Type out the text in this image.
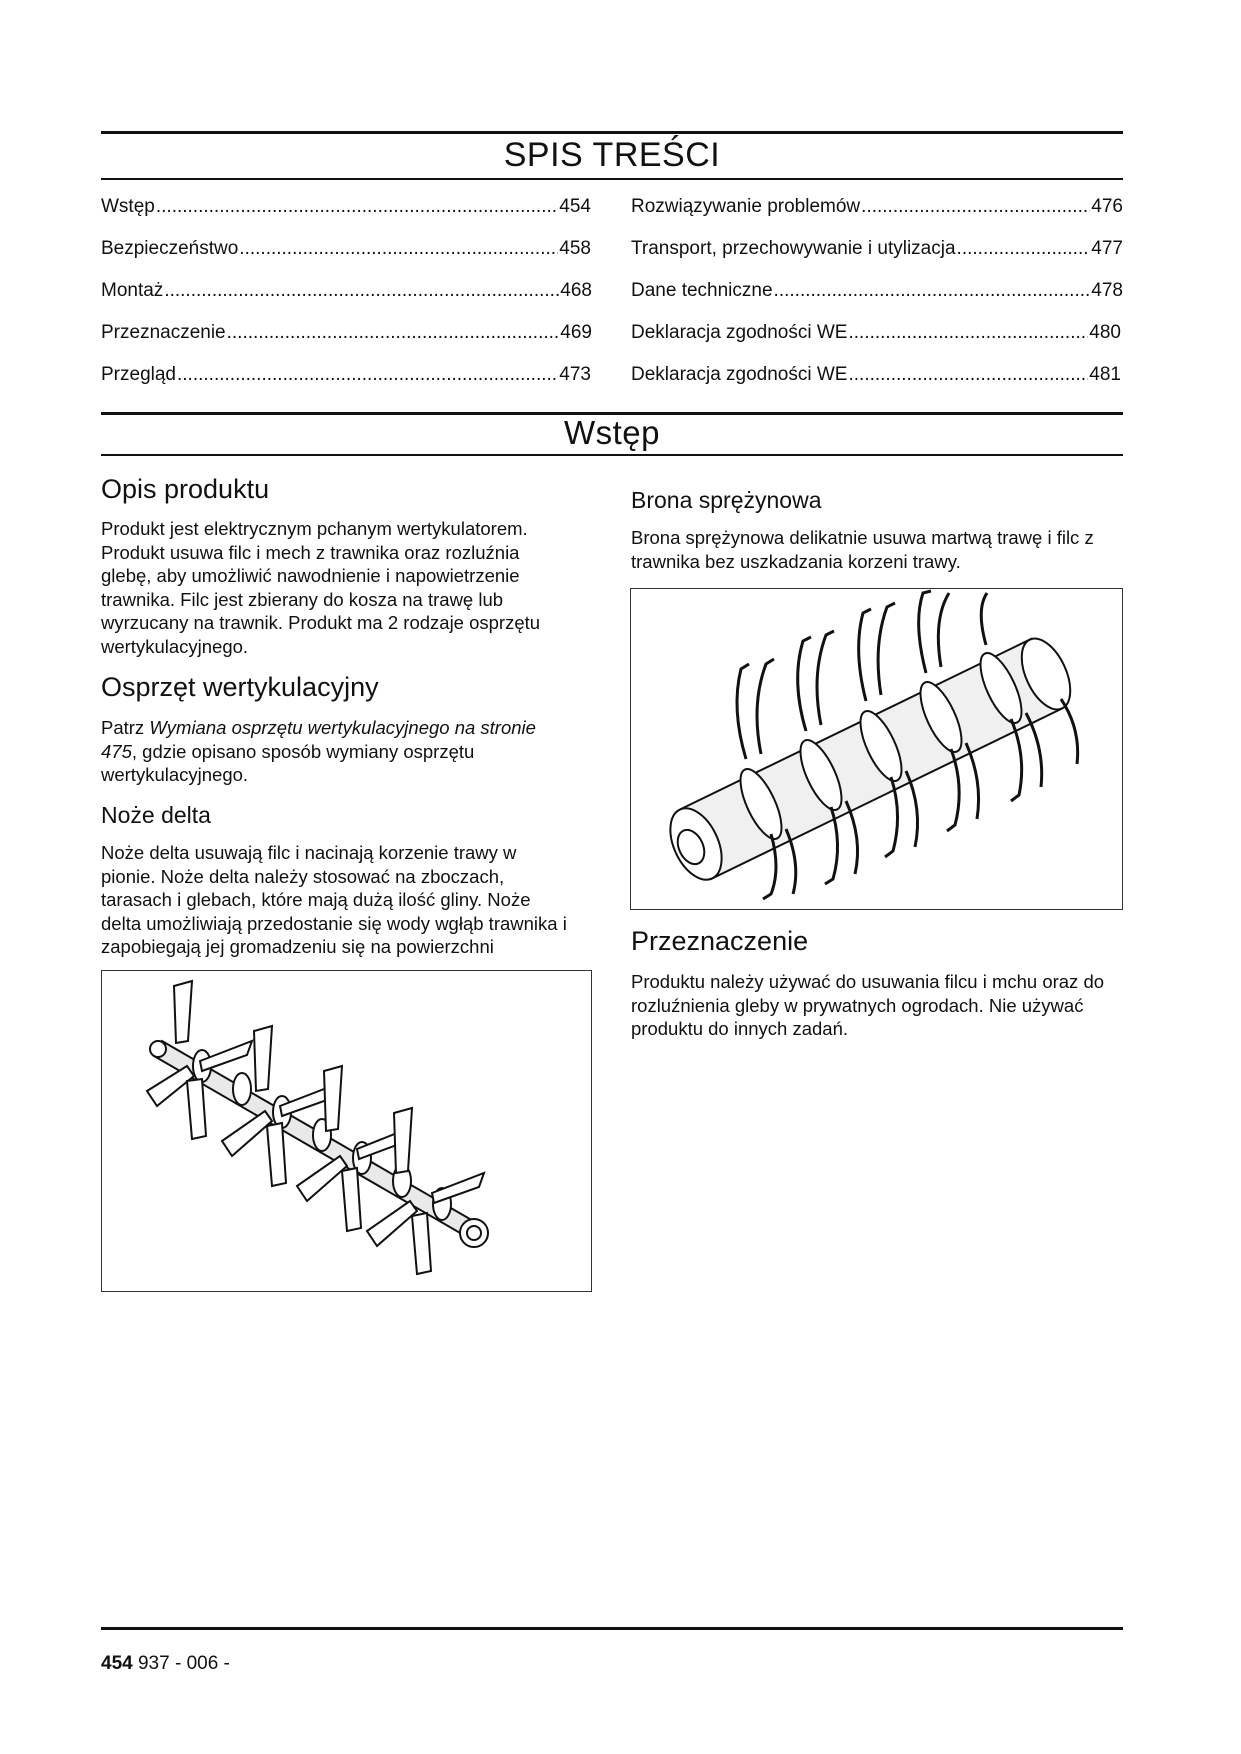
SPIS TREŚCI
Wstęp .....	454
Bezpieczeństwo .....	458
Montaż .....	468
Przeznaczenie .....	469
Przegląd .....	473
Rozwiązywanie problemów .....	476
Transport, przechowywanie i utylizacja .....	477
Dane techniczne .....	478
Deklaracja zgodności WE .....	480
Deklaracja zgodności WE .....	481
Wstęp
Opis produktu
Produkt jest elektrycznym pchanym wertykulatorem. Produkt usuwa filc i mech z trawnika oraz rozluźnia glebę, aby umożliwić nawodnienie i napowietrzenie trawnika. Filc jest zbierany do kosza na trawę lub wyrzucany na trawnik. Produkt ma 2 rodzaje osprzętu wertykulacyjnego.
Osprzęt wertykulacyjny
Patrz Wymiana osprzętu wertykulacyjnego na stronie 475, gdzie opisano sposób wymiany osprzętu wertykulacyjnego.
Noże delta
Noże delta usuwają filc i nacinają korzenie trawy w pionie. Noże delta należy stosować na zboczach, tarasach i glebach, które mają dużą ilość gliny. Noże delta umożliwiają przedostanie się wody wgłąb trawnika i zapobiegają jej gromadzeniu się na powierzchni
Brona sprężynowa
Brona sprężynowa delikatnie usuwa martwą trawę i filc z trawnika bez uszkadzania korzeni trawy.
Przeznaczenie
Produktu należy używać do usuwania filcu i mchu oraz do rozluźnienia gleby w prywatnych ogrodach. Nie używać produktu do innych zadań.
454 937 - 006 -
